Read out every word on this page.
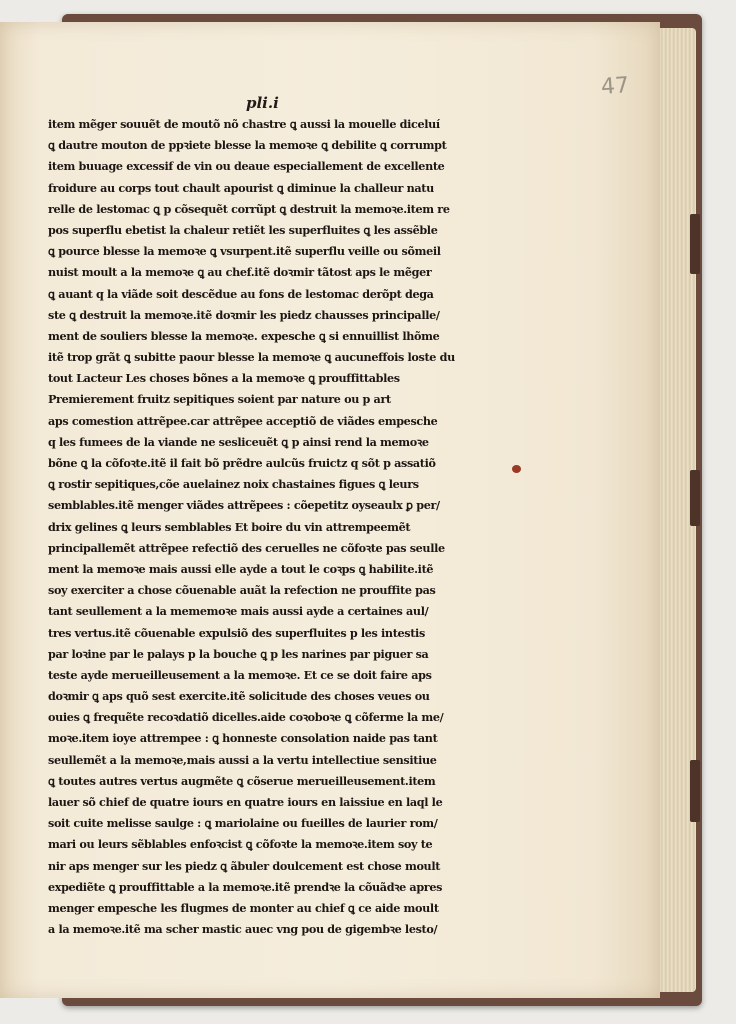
47
pli.i
item mẽger souuẽt de moutõ nõ chastre ꝗ aussi la mouelle diceluí
ꝗ dautre mouton de ppꝛiete blesse la memoꝛe ꝗ debilite ꝗ corrumpt
item buuage excessif de vin ou deaue especiallement de excellente
froidure au corps tout chault apourist ꝗ diminue la challeur natu
relle de lestomac ꝗ p cõsequẽt corrũpt ꝗ destruit la memoꝛe.item re
pos superflu ebetist la chaleur retiẽt les superfluites ꝗ les assẽble
ꝗ pource blesse la memoꝛe ꝗ vsurpent.itẽ superflu veille ou sõmeil
nuist moult a la memoꝛe ꝗ au chef.itẽ doꝛmir tãtost aps le mẽger
ꝗ auant q la viãde soit descẽdue au fons de lestomac derõpt dega
ste ꝗ destruit la memoꝛe.itẽ doꝛmir les piedz chausses principalle/
ment de souliers blesse la memoꝛe. expesche ꝗ si ennuillist lhõme
itẽ trop grãt ꝗ subitte paour blesse la memoꝛe ꝗ aucuneffois loste du
tout Lacteur Les choses bõnes a la memoꝛe ꝗ prouffittables
Premierement fruitz sepitiques soient par nature ou p art
aps comestion attrẽpee.car attrẽpee acceptiõ de viãdes empesche
q les fumees de la viande ne sesliceuẽt ꝗ p ainsi rend la memoꝛe
bõne ꝗ la cõfoꝛte.itẽ il fait bõ prẽdre aulcũs fruictz q sõt p assatiõ
ꝗ rostir sepitiques,cõe auelainez noix chastaines figues ꝗ leurs
semblables.itẽ menger viãdes attrẽpees : cõepetitz oyseaulx ꝑ per/
drix gelines ꝗ leurs semblables Et boire du vin attrempeemẽt
principallemẽt attrẽpee refectiõ des ceruelles ne cõfoꝛte pas seulle
ment la memoꝛe mais aussi elle ayde a tout le coꝛps ꝗ habilite.itẽ
soy exerciter a chose cõuenable auãt la refection ne prouffite pas
tant seullement a la mememoꝛe mais aussi ayde a certaines aul/
tres vertus.itẽ cõuenable expulsiõ des superfluites p les intestis
par loꝛine par le palays p la bouche ꝗ p les narines par piguer sa
teste ayde merueilleusement a la memoꝛe. Et ce se doit faire aps
doꝛmir ꝗ aps quõ sest exercite.itẽ solicitude des choses veues ou
ouies ꝗ frequẽte recoꝛdatiõ dicelles.aide coꝛoboꝛe ꝗ cõferme la me/
moꝛe.item ioye attrempee : ꝗ honneste consolation naide pas tant
seullemẽt a la memoꝛe,mais aussi a la vertu intellectiue sensitiue
ꝗ toutes autres vertus augmẽte ꝗ cõserue merueilleusement.item
lauer sõ chief de quatre iours en quatre iours en laissiue en laql le
soit cuite melisse saulge : ꝗ mariolaine ou fueilles de laurier rom/
mari ou leurs sẽblables enfoꝛcist ꝗ cõfoꝛte la memoꝛe.item soy te
nir aps menger sur les piedz ꝗ ãbuler doulcement est chose moult
expediẽte ꝗ prouffittable a la memoꝛe.itẽ prendꝛe la cõuãdꝛe apres
menger empesche les flugmes de monter au chief ꝗ ce aide moult
a la memoꝛe.itẽ ma scher mastic auec vng pou de gigembꝛe lesto/
